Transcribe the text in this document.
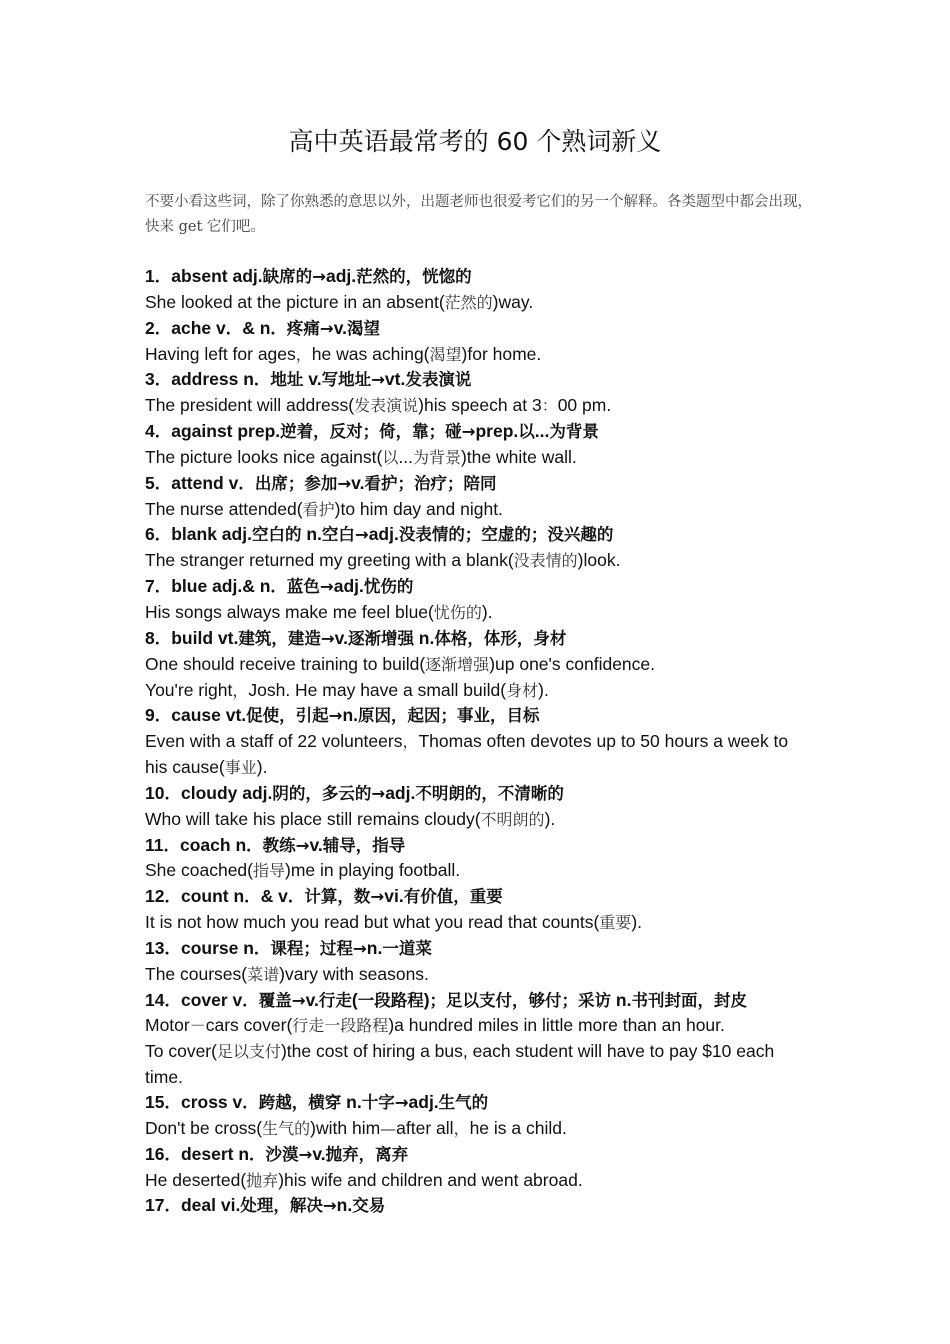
高中英语最常考的 60 个熟词新义
不要小看这些词，除了你熟悉的意思以外，出题老师也很爱考它们的另一个解释。各类题型中都会出现，快来 get 它们吧。
1．absent adj.缺席的→adj.茫然的，恍惚的
She looked at the picture in an absent(茫然的)way.
2．ache v．& n．疼痛→v.渴望
Having left for ages，he was aching(渴望)for home.
3．address n．地址 v.写地址→vt.发表演说
The president will address(发表演说)his speech at 3：00 pm.
4．against prep.逆着，反对；倚，靠；碰→prep.以...为背景
The picture looks nice against(以...为背景)the white wall.
5．attend v．出席；参加→v.看护；治疗；陪同
The nurse attended(看护)to him day and night.
6．blank adj.空白的 n.空白→adj.没表情的；空虚的；没兴趣的
The stranger returned my greeting with a blank(没表情的)look.
7．blue adj.& n．蓝色→adj.忧伤的
His songs always make me feel blue(忧伤的).
8．build vt.建筑，建造→v.逐渐增强 n.体格，体形，身材
One should receive training to build(逐渐增强)up one's confidence.
You're right，Josh. He may have a small build(身材).
9．cause vt.促使，引起→n.原因，起因；事业，目标
Even with a staff of 22 volunteers，Thomas often devotes up to 50 hours a week to his cause(事业).
10．cloudy adj.阴的，多云的→adj.不明朗的，不清晰的
Who will take his place still remains cloudy(不明朗的).
11．coach n．教练→v.辅导，指导
She coached(指导)me in playing football.
12．count n．& v．计算，数→vi.有价值，重要
It is not how much you read but what you read that counts(重要).
13．course n．课程；过程→n.一道菜
The courses(菜谱)vary with seasons.
14．cover v．覆盖→v.行走(一段路程)；足以支付，够付；采访 n.书刊封面，封皮
Motor－cars cover(行走一段路程)a hundred miles in little more than an hour.
To cover(足以支付)the cost of hiring a bus, each student will have to pay $10 each time.
15．cross v．跨越，横穿 n.十字→adj.生气的
Don't be cross(生气的)with him—after all，he is a child.
16．desert n．沙漠→v.抛弃，离弃
He deserted(抛弃)his wife and children and went abroad.
17．deal vi.处理，解决→n.交易
